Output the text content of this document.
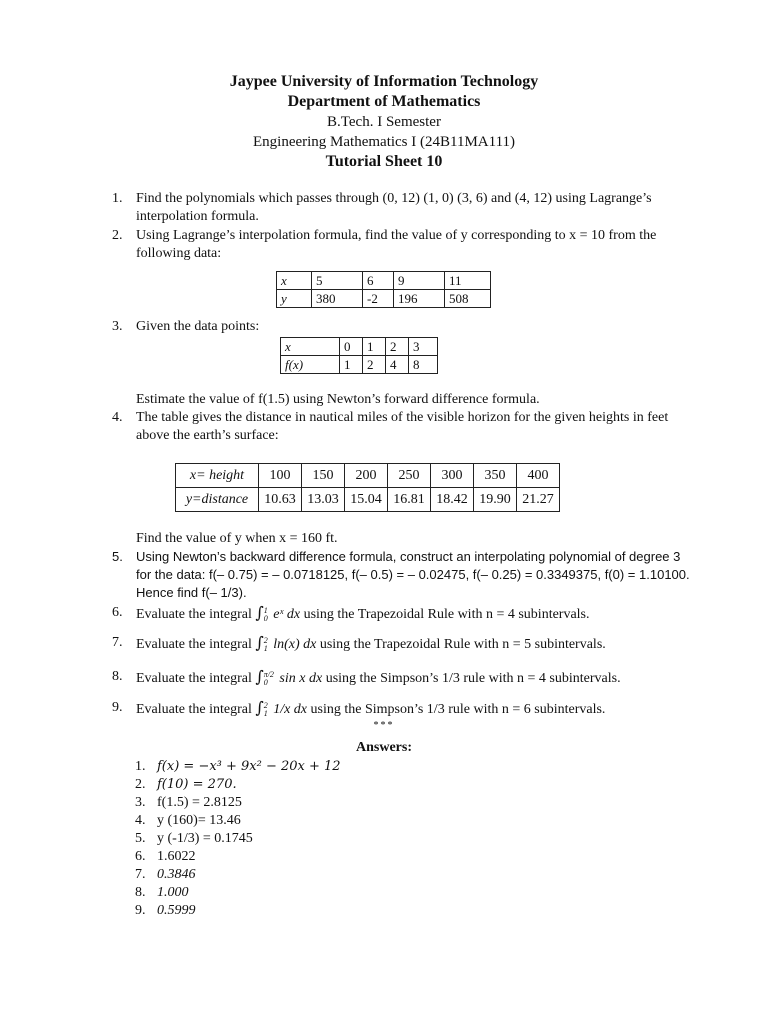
Jaypee University of Information Technology
Department of Mathematics
B.Tech. I Semester
Engineering Mathematics I (24B11MA111)
Tutorial Sheet 10
1. Find the polynomials which passes through (0, 12) (1, 0) (3, 6) and (4, 12) using Lagrange’s interpolation formula.
2. Using Lagrange’s interpolation formula, find the value of y corresponding to x = 10 from the following data:
x	5	6	9	11
y	380	-2	196	508
3. Given the data points:
x	0	1	2	3
f(x)	1	2	4	8
Estimate the value of f(1.5) using Newton’s forward difference formula.
4. The table gives the distance in nautical miles of the visible horizon for the given heights in feet above the earth’s surface:
x= height	100	150	200	250	300	350	400
y=distance	10.63	13.03	15.04	16.81	18.42	19.90	21.27
Find the value of y when x = 160 ft.
5. Using Newton’s backward difference formula, construct an interpolating polynomial of degree 3 for the data: f(– 0.75) = – 0.0718125, f(– 0.5) = – 0.02475, f(– 0.25) = 0.3349375, f(0) = 1.10100. Hence find f(– 1/3).
6. Evaluate the integral ∫1
0 eˣ dx using the Trapezoidal Rule with n = 4 subintervals.
7. Evaluate the integral ∫2
1 ln(x) dx using the Trapezoidal Rule with n = 5 subintervals.
8. Evaluate the integral ∫π/2
0 sin x dx using the Simpson’s 1/3 rule with n = 4 subintervals.
9. Evaluate the integral ∫2
1 1/x dx using the Simpson’s 1/3 rule with n = 6 subintervals.
***
Answers:
1. f(x) = −x³ + 9x² − 20x + 12
2. f(10) = 270.
3. f(1.5) = 2.8125
4. y (160)= 13.46
5. y (-1/3) = 0.1745
6. 1.6022
7. 0.3846
8. 1.000
9. 0.5999
